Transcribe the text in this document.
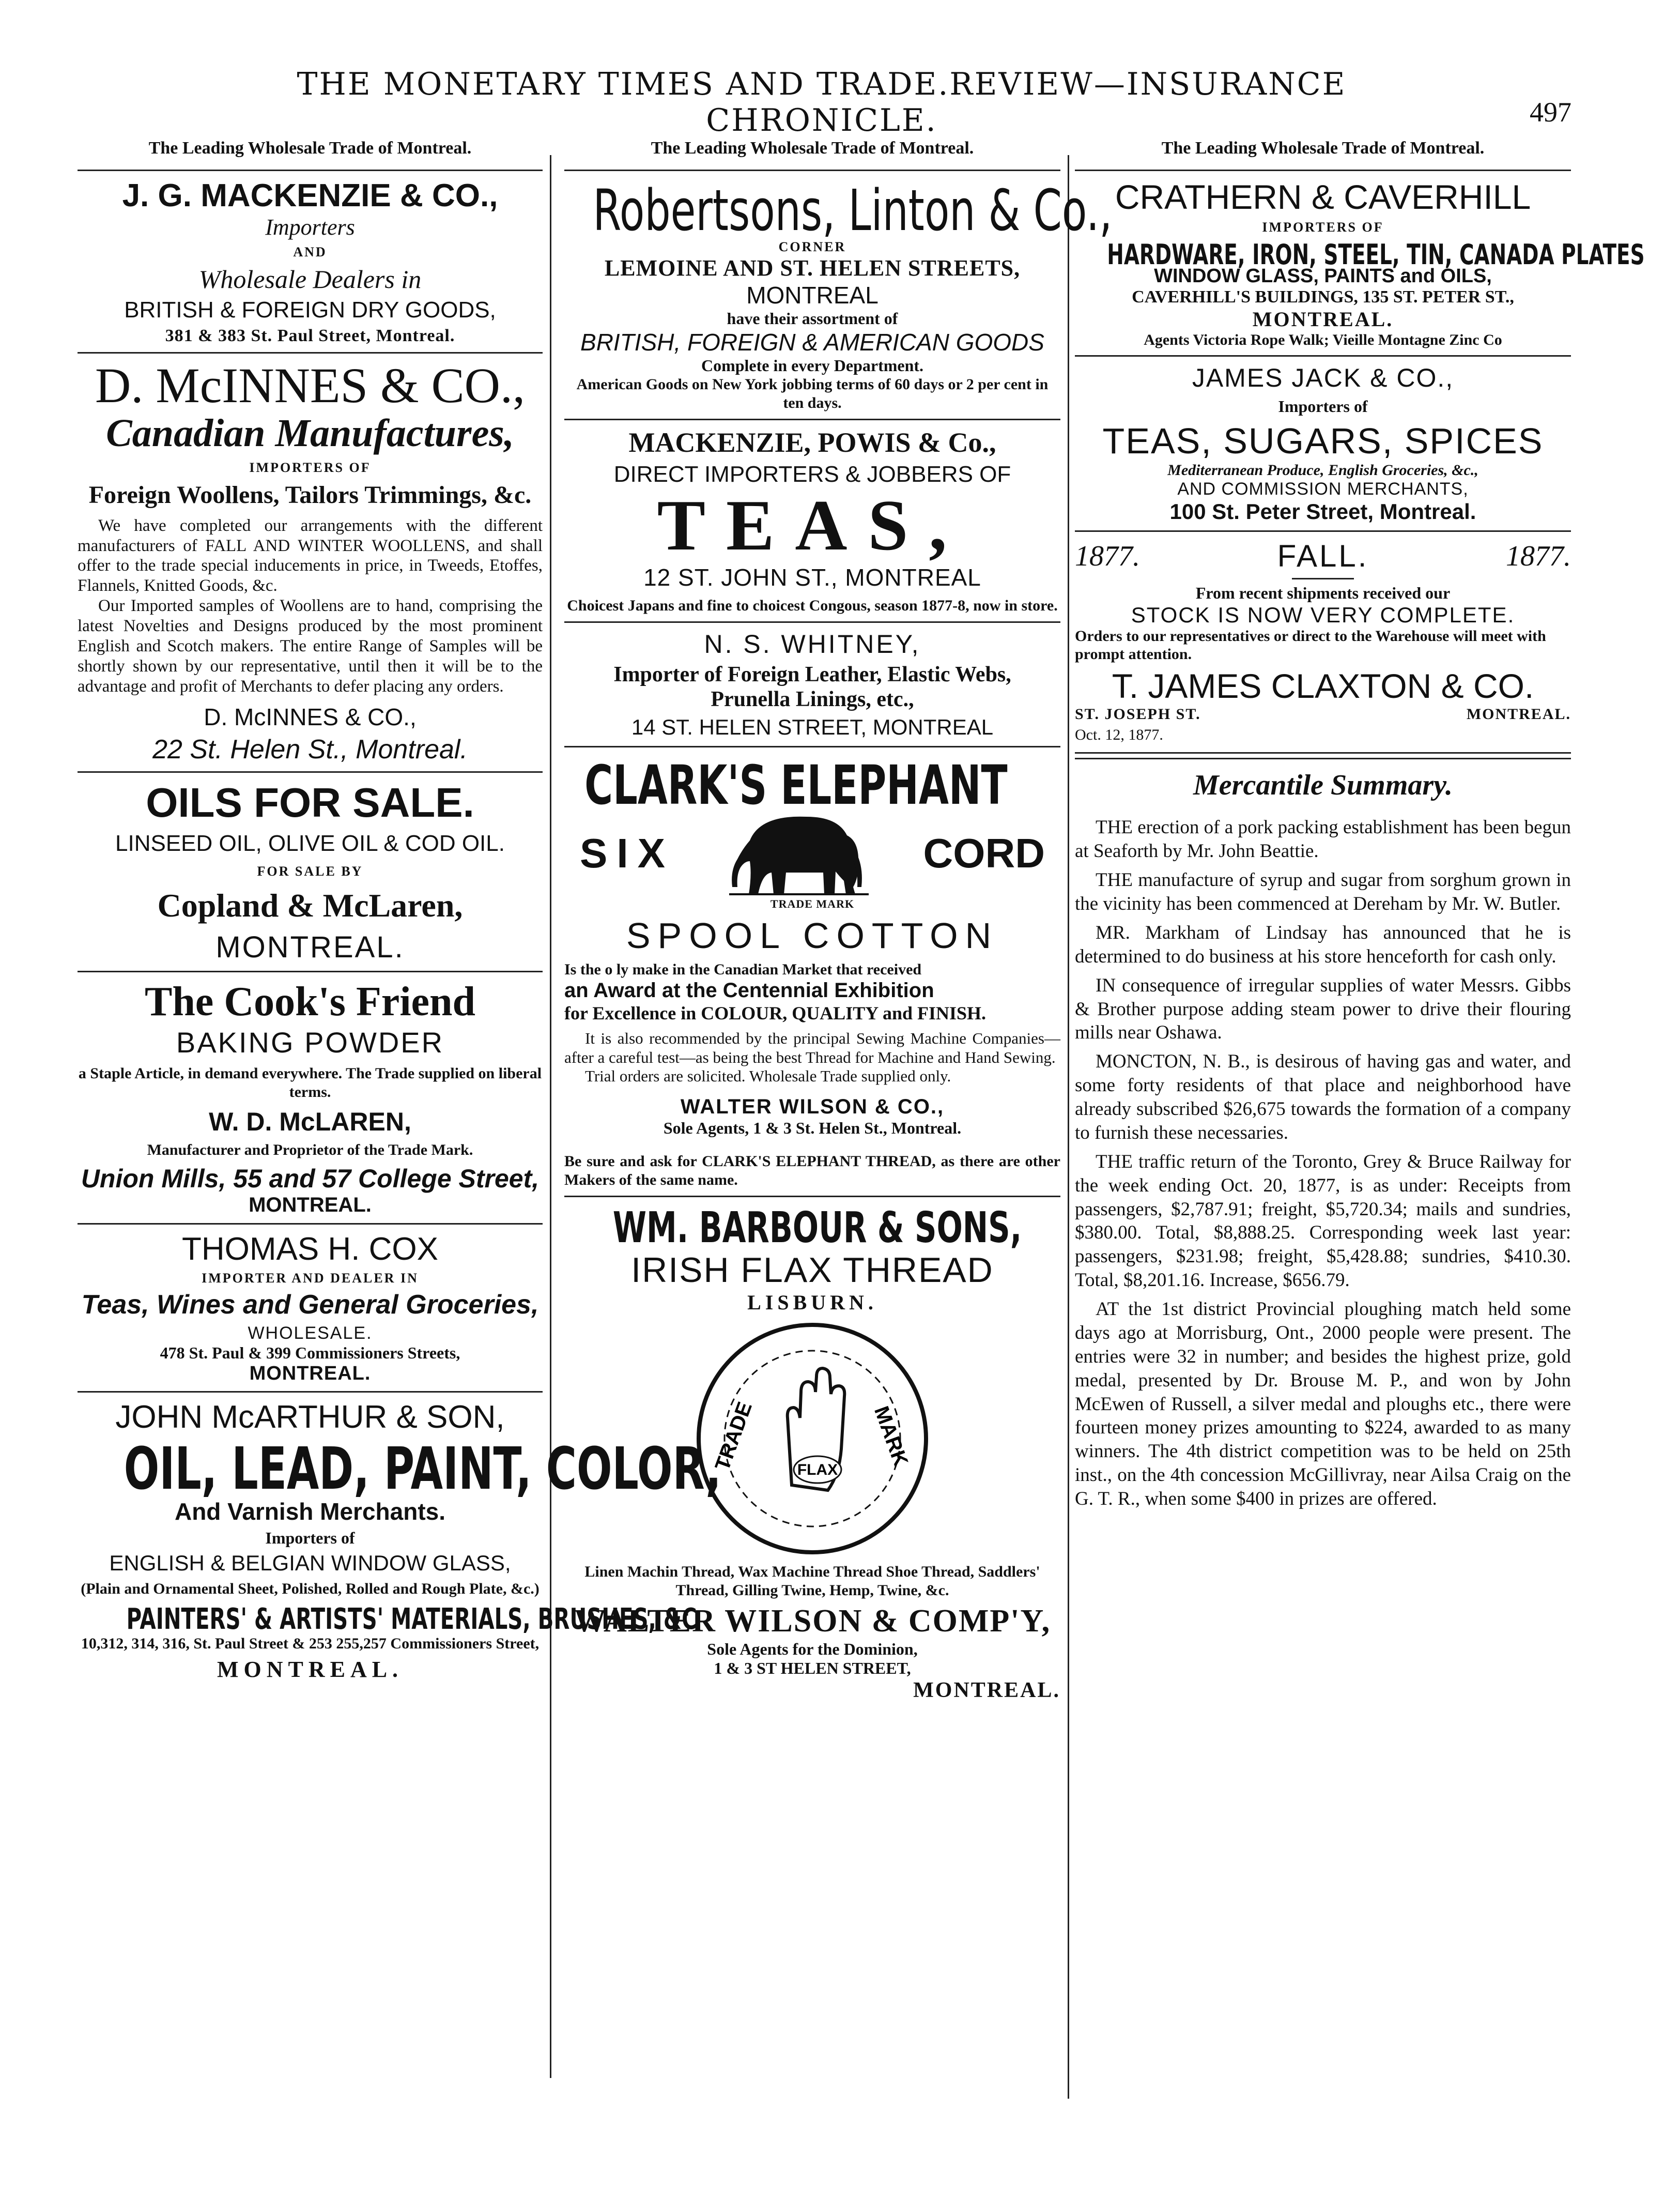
THE MONETARY TIMES AND TRADE.REVIEW—INSURANCE CHRONICLE.	497
The Leading Wholesale Trade of Montreal.

J. G. MACKENZIE & CO.,

Importers

AND

Wholesale Dealers in

BRITISH & FOREIGN DRY GOODS,

381 & 383 St. Paul Street, Montreal.

D. McINNES & CO.,

Canadian Manufactures,

IMPORTERS OF

Foreign Woollens, Tailors Trimmings, &c.

We have completed our arrangements with the different manufacturers of FALL AND WINTER WOOLLENS, and shall offer to the trade special inducements in price, in Tweeds, Etoffes, Flannels, Knitted Goods, &c.

Our Imported samples of Woollens are to hand, comprising the latest Novelties and Designs produced by the most prominent English and Scotch makers. The entire Range of Samples will be shortly shown by our representative, until then it will be to the advantage and profit of Merchants to defer placing any orders.

D. McINNES & CO.,

22 St. Helen St., Montreal.

OILS FOR SALE.

LINSEED OIL, OLIVE OIL & COD OIL.

FOR SALE BY

Copland & McLaren,

MONTREAL.

The Cook's Friend

BAKING POWDER

a Staple Article, in demand everywhere. The Trade supplied on liberal terms.

W. D. McLAREN,

Manufacturer and Proprietor of the Trade Mark.

Union Mills, 55 and 57 College Street,

MONTREAL.

THOMAS H. COX

IMPORTER AND DEALER IN

Teas, Wines and General Groceries,

WHOLESALE.

478 St. Paul & 399 Commissioners Streets,

MONTREAL.

JOHN McARTHUR & SON,

OIL, LEAD, PAINT, COLOR,

And Varnish Merchants.

Importers of

ENGLISH & BELGIAN WINDOW GLASS,

(Plain and Ornamental Sheet, Polished, Rolled and Rough Plate, &c.)

PAINTERS' & ARTISTS' MATERIALS, BRUSHES, &C

10,312, 314, 316, St. Paul Street & 253 255,257 Commissioners Street,

MONTREAL.

The Leading Wholesale Trade of Montreal.
Robertsons, Linton & Co.,

CORNER

LEMOINE AND ST. HELEN STREETS,

MONTREAL

have their assortment of

BRITISH, FOREIGN & AMERICAN GOODS

Complete in every Department.

American Goods on New York jobbing terms of 60 days or 2 per cent in ten days.

MACKENZIE, POWIS & Co.,

DIRECT IMPORTERS & JOBBERS OF

TEAS,

12 ST. JOHN ST., MONTREAL

Choicest Japans and fine to choicest Congous, season 1877-8, now in store.

N. S. WHITNEY,

Importer of Foreign Leather, Elastic Webs,

Prunella Linings, etc.,

14 ST. HELEN STREET, MONTREAL

CLARK'S ELEPHANT
SIX	CORD

TRADE MARK

SPOOL COTTON

Is the o ly make in the Canadian Market that received

an Award at the Centennial Exhibition

for Excellence in COLOUR, QUALITY and FINISH.

It is also recommended by the principal Sewing Machine Companies—after a careful test—as being the best Thread for Machine and Hand Sewing.

Trial orders are solicited. Wholesale Trade supplied only.

WALTER WILSON & CO.,

Sole Agents, 1 & 3 St. Helen St., Montreal.

Be sure and ask for CLARK'S ELEPHANT THREAD, as there are other Makers of the same name.

WM. BARBOUR & SONS,

IRISH FLAX THREAD

LISBURN.

FLAX
TRADE	MARK

Linen Machin Thread, Wax Machine Thread Shoe Thread, Saddlers' Thread, Gilling Twine, Hemp, Twine, &c.

WALTER WILSON & COMP'Y,

Sole Agents for the Dominion,

1 & 3 ST HELEN STREET,

MONTREAL.

The Leading Wholesale Trade of Montreal.

CRATHERN & CAVERHILL

IMPORTERS OF

HARDWARE, IRON, STEEL, TIN, CANADA PLATES

WINDOW GLASS, PAINTS and OILS,

CAVERHILL'S BUILDINGS, 135 ST. PETER ST.,

MONTREAL.

Agents Victoria Rope Walk; Vieille Montagne Zinc Co

JAMES JACK & CO.,

Importers of

TEAS, SUGARS, SPICES

Mediterranean Produce, English Groceries, &c.,

AND COMMISSION MERCHANTS,

100 St. Peter Street, Montreal.

1877.	FALL.	1877.

From recent shipments received our

STOCK IS NOW VERY COMPLETE.

Orders to our representatives or direct to the Warehouse will meet with prompt attention.

T. JAMES CLAXTON & CO.

ST. JOSEPH ST.	MONTREAL.

Oct. 12, 1877.

Mercantile Summary.

THE erection of a pork packing establishment has been begun at Seaforth by Mr. John Beattie.

THE manufacture of syrup and sugar from sorghum grown in the vicinity has been commenced at Dereham by Mr. W. Butler.

MR. Markham of Lindsay has announced that he is determined to do business at his store henceforth for cash only.

IN consequence of irregular supplies of water Messrs. Gibbs & Brother purpose adding steam power to drive their flouring mills near Oshawa.

MONCTON, N. B., is desirous of having gas and water, and some forty residents of that place and neighborhood have already subscribed $26,675 towards the formation of a company to furnish these necessaries.

THE traffic return of the Toronto, Grey & Bruce Railway for the week ending Oct. 20, 1877, is as under: Receipts from passengers, $2,787.91; freight, $5,720.34; mails and sundries, $380.00. Total, $8,888.25. Corresponding week last year: passengers, $231.98; freight, $5,428.88; sundries, $410.30. Total, $8,201.16. Increase, $656.79.

AT the 1st district Provincial ploughing match held some days ago at Morrisburg, Ont., 2000 people were present. The entries were 32 in number; and besides the highest prize, gold medal, presented by Dr. Brouse M. P., and won by John McEwen of Russell, a silver medal and ploughs etc., there were fourteen money prizes amounting to $224, awarded to as many winners. The 4th district competition was to be held on 25th inst., on the 4th concession McGillivray, near Ailsa Craig on the G. T. R., when some $400 in prizes are offered.
